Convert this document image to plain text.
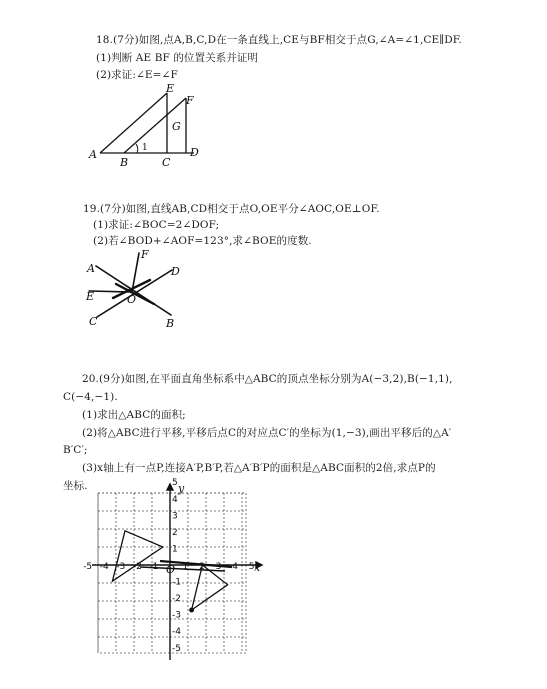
18.(7分)如图,点A,B,C,D在一条直线上,CE与BF相交于点G,∠A=∠1,CE∥DF.
(1)判断 AE BF 的位置关系并证明
(2)求证:∠E=∠F
E
F
G
A
B	C
D
1
19.(7分)如图,直线AB,CD相交于点O,OE平分∠AOC,OE⊥OF.
(1)求证:∠BOC=2∠DOF;
(2)若∠BOD+∠AOF=123°,求∠BOE的度数.
A
F
D
E	O
C	B
20.(9分)如图,在平面直角坐标系中△ABC的顶点坐标分别为A(−3,2),B(−1,1),
C(−4,−1).
(1)求出△ABC的面积;
(2)将△ABC进行平移,平移后点C的对应点C′的坐标为(1,−3),画出平移后的△A′
B′C′;
(3)x轴上有一点P,连接A′P,B′P,若△A′B′P的面积是△ABC面积的2倍,求点P的
坐标.
-5 -4 -3 -2 -1	1 2 3 4 5
5
4
3
2
1
-1
-2
-3
-4
-5
x
y
O
